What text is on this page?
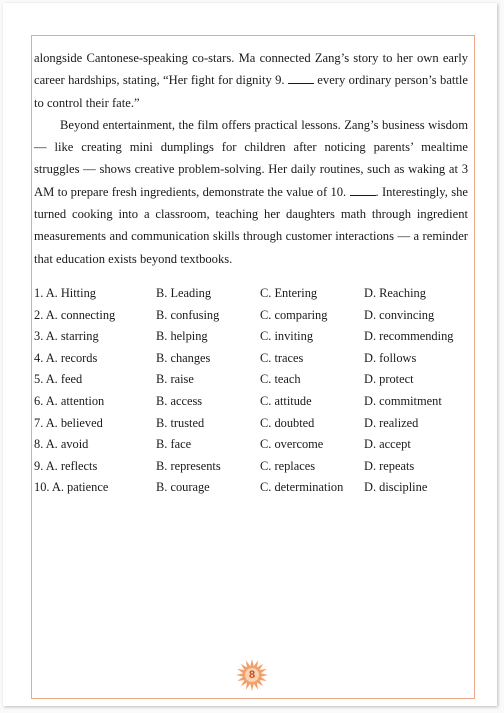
alongside Cantonese-speaking co-stars. Ma connected Zang’s story to her own early career hardships, stating, “Her fight for dignity 9.  every ordinary person’s battle to control their fate.”

Beyond entertainment, the film offers practical lessons. Zang’s business wisdom — like creating mini dumplings for children after noticing parents’ mealtime struggles — shows creative problem-solving. Her daily routines, such as waking at 3 AM to prepare fresh ingredients, demonstrate the value of 10. . Interestingly, she turned cooking into a classroom, teaching her daughters math through ingredient measurements and communication skills through customer interactions — a reminder that education exists beyond textbooks.

1. A. Hitting	B. Leading	C. Entering	D. Reaching
2. A. connecting	B. confusing	C. comparing	D. convincing
3. A. starring	B. helping	C. inviting	D. recommending
4. A. records	B. changes	C. traces	D. follows
5. A. feed	B. raise	C. teach	D. protect
6. A. attention	B. access	C. attitude	D. commitment
7. A. believed	B. trusted	C. doubted	D. realized
8. A. avoid	B. face	C. overcome	D. accept
9. A. reflects	B. represents	C. replaces	D. repeats
10. A. patience	B. courage	C. determination D. discipline
8
